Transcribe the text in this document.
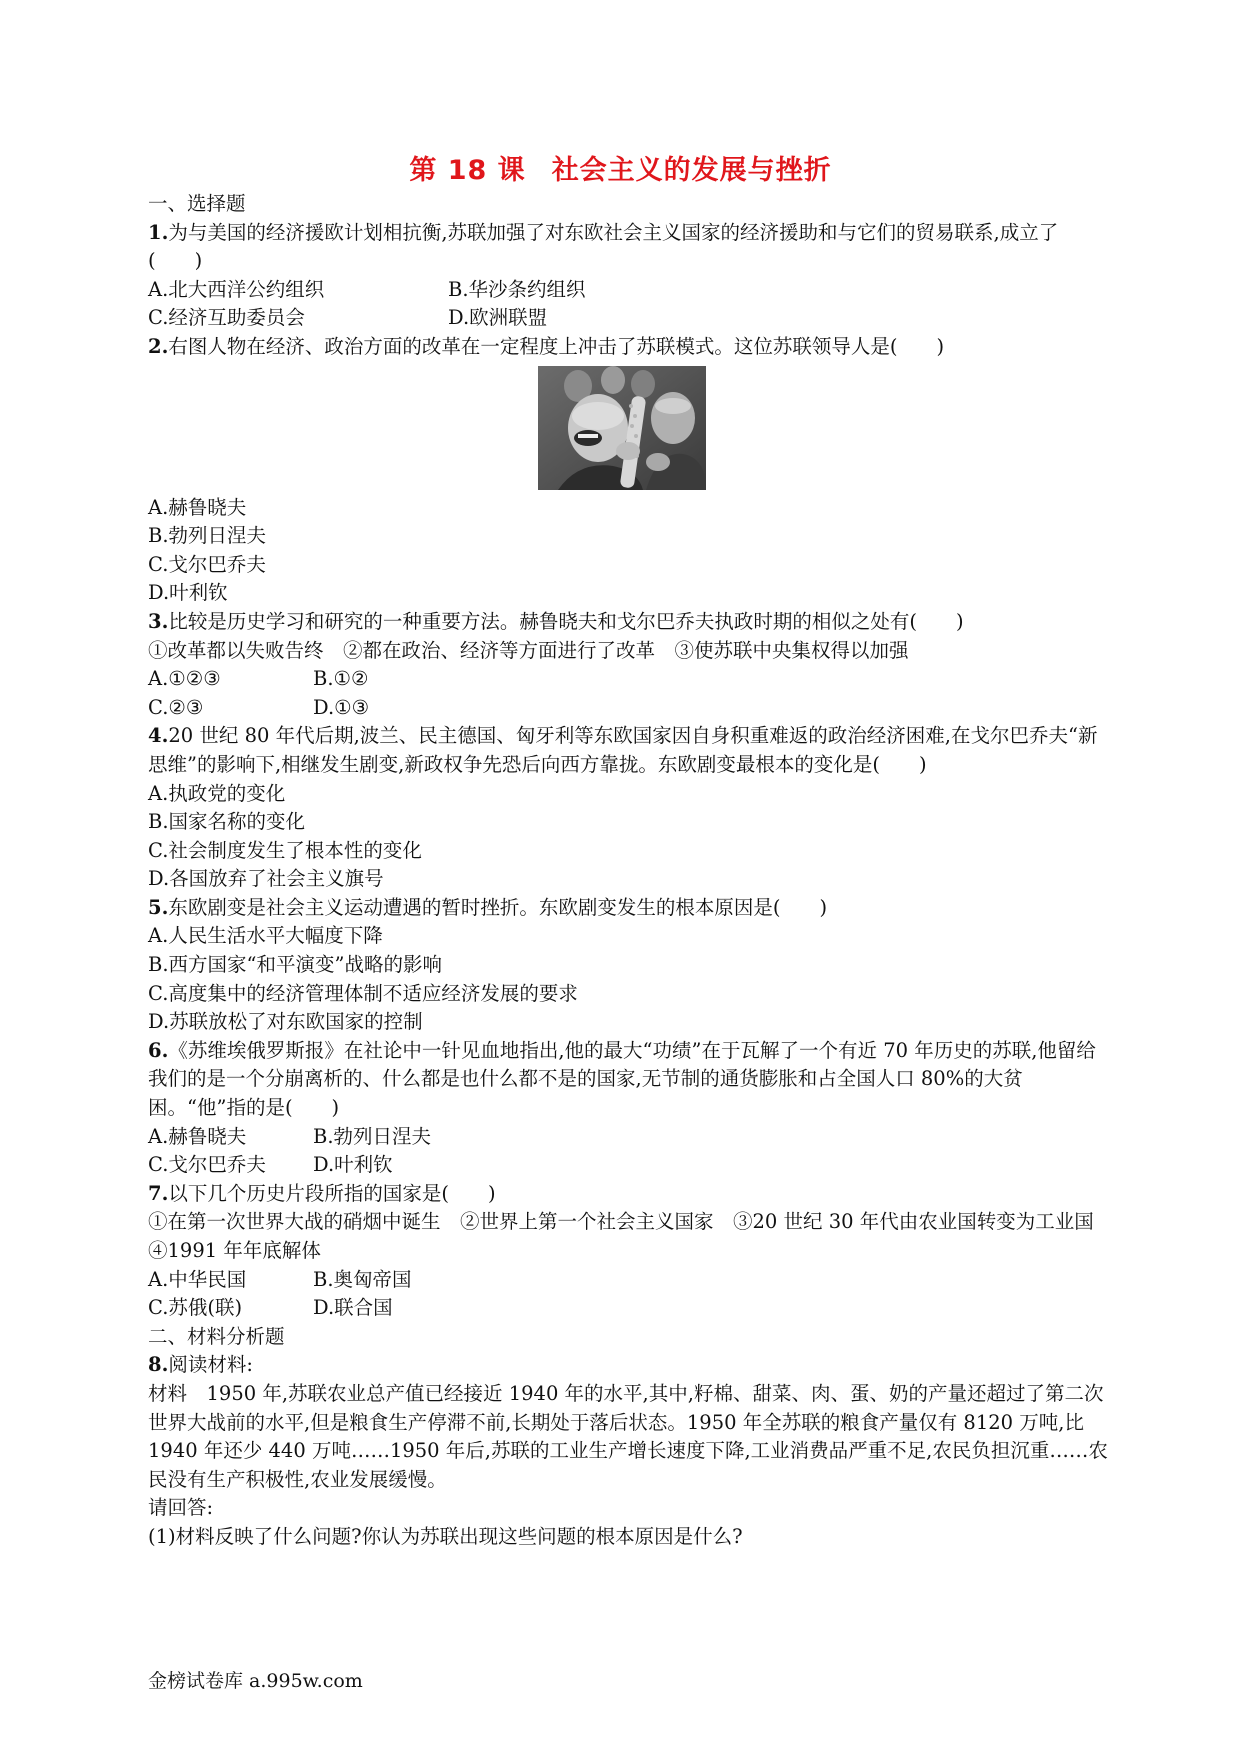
第 18 课 社会主义的发展与挫折
一、选择题
1.为与美国的经济援欧计划相抗衡,苏联加强了对东欧社会主义国家的经济援助和与它们的贸易联系,成立了(　　)
A.北大西洋公约组织	B.华沙条约组织
C.经济互助委员会	D.欧洲联盟
2.右图人物在经济、政治方面的改革在一定程度上冲击了苏联模式。这位苏联领导人是(　　)
A.赫鲁晓夫
B.勃列日涅夫
C.戈尔巴乔夫
D.叶利钦
3.比较是历史学习和研究的一种重要方法。赫鲁晓夫和戈尔巴乔夫执政时期的相似之处有(　　)
①改革都以失败告终　②都在政治、经济等方面进行了改革　③使苏联中央集权得以加强
A.①②③	B.①②
C.②③	D.①③
4.20 世纪 80 年代后期,波兰、民主德国、匈牙利等东欧国家因自身积重难返的政治经济困难,在戈尔巴乔夫“新思维”的影响下,相继发生剧变,新政权争先恐后向西方靠拢。东欧剧变最根本的变化是(　　)
A.执政党的变化
B.国家名称的变化
C.社会制度发生了根本性的变化
D.各国放弃了社会主义旗号
5.东欧剧变是社会主义运动遭遇的暂时挫折。东欧剧变发生的根本原因是(　　)
A.人民生活水平大幅度下降
B.西方国家“和平演变”战略的影响
C.高度集中的经济管理体制不适应经济发展的要求
D.苏联放松了对东欧国家的控制
6.《苏维埃俄罗斯报》在社论中一针见血地指出,他的最大“功绩”在于瓦解了一个有近 70 年历史的苏联,他留给我们的是一个分崩离析的、什么都是也什么都不是的国家,无节制的通货膨胀和占全国人口 80%的大贫困。“他”指的是(　　)
A.赫鲁晓夫	B.勃列日涅夫
C.戈尔巴乔夫	D.叶利钦
7.以下几个历史片段所指的国家是(　　)
①在第一次世界大战的硝烟中诞生　②世界上第一个社会主义国家　③20 世纪 30 年代由农业国转变为工业国　④1991 年年底解体
A.中华民国	B.奥匈帝国
C.苏俄(联)	D.联合国
二、材料分析题
8.阅读材料:
材料　1950 年,苏联农业总产值已经接近 1940 年的水平,其中,籽棉、甜菜、肉、蛋、奶的产量还超过了第二次世界大战前的水平,但是粮食生产停滞不前,长期处于落后状态。1950 年全苏联的粮食产量仅有 8120 万吨,比 1940 年还少 440 万吨……1950 年后,苏联的工业生产增长速度下降,工业消费品严重不足,农民负担沉重……农民没有生产积极性,农业发展缓慢。
请回答:
(1)材料反映了什么问题?你认为苏联出现这些问题的根本原因是什么?
金榜试卷库 a.995w.com
